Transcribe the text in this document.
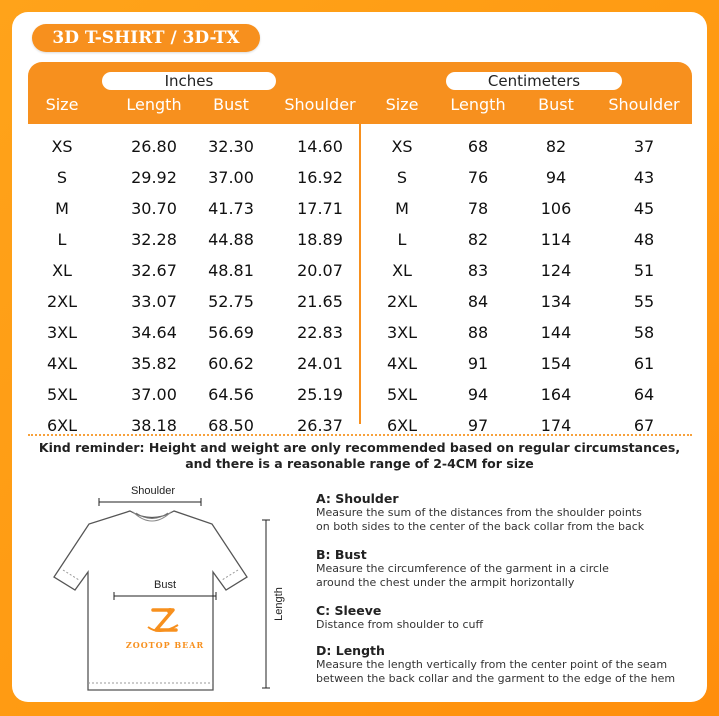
3D T-SHIRT / 3D-TX
Inches	Centimeters
Size	Length Bust Shoulder Size Length Bust Shoulder
XS	26.80 32.30	14.60	XS	68	82	37
S	29.92 37.00	16.92	S	76	94	43
M	30.70 41.73	17.71	M	78	106	45
L	32.28 44.88	18.89	L	82	114	48
XL	32.67 48.81	20.07	XL	83	124	51
2XL	33.07 52.75	21.65	2XL	84	134	55
3XL	34.64 56.69	22.83	3XL	88	144	58
4XL	35.82 60.62	24.01	4XL	91	154	61
5XL	37.00 64.56	25.19	5XL	94	164	64
6XL	38.18 68.50	26.37	6XL	97	174	67
Kind reminder: Height and weight are only recommended based on regular circumstances,
and there is a reasonable range of 2-4CM for size
Shoulder
Bust
ZOOTOP BEAR
Length
A: Shoulder
Measure the sum of the distances from the shoulder points
on both sides to the center of the back collar from the back
B: Bust
Measure the circumference of the garment in a circle
around the chest under the armpit horizontally
C: Sleeve
Distance from shoulder to cuff
D: Length
Measure the length vertically from the center point of the seam
between the back collar and the garment to the edge of the hem
